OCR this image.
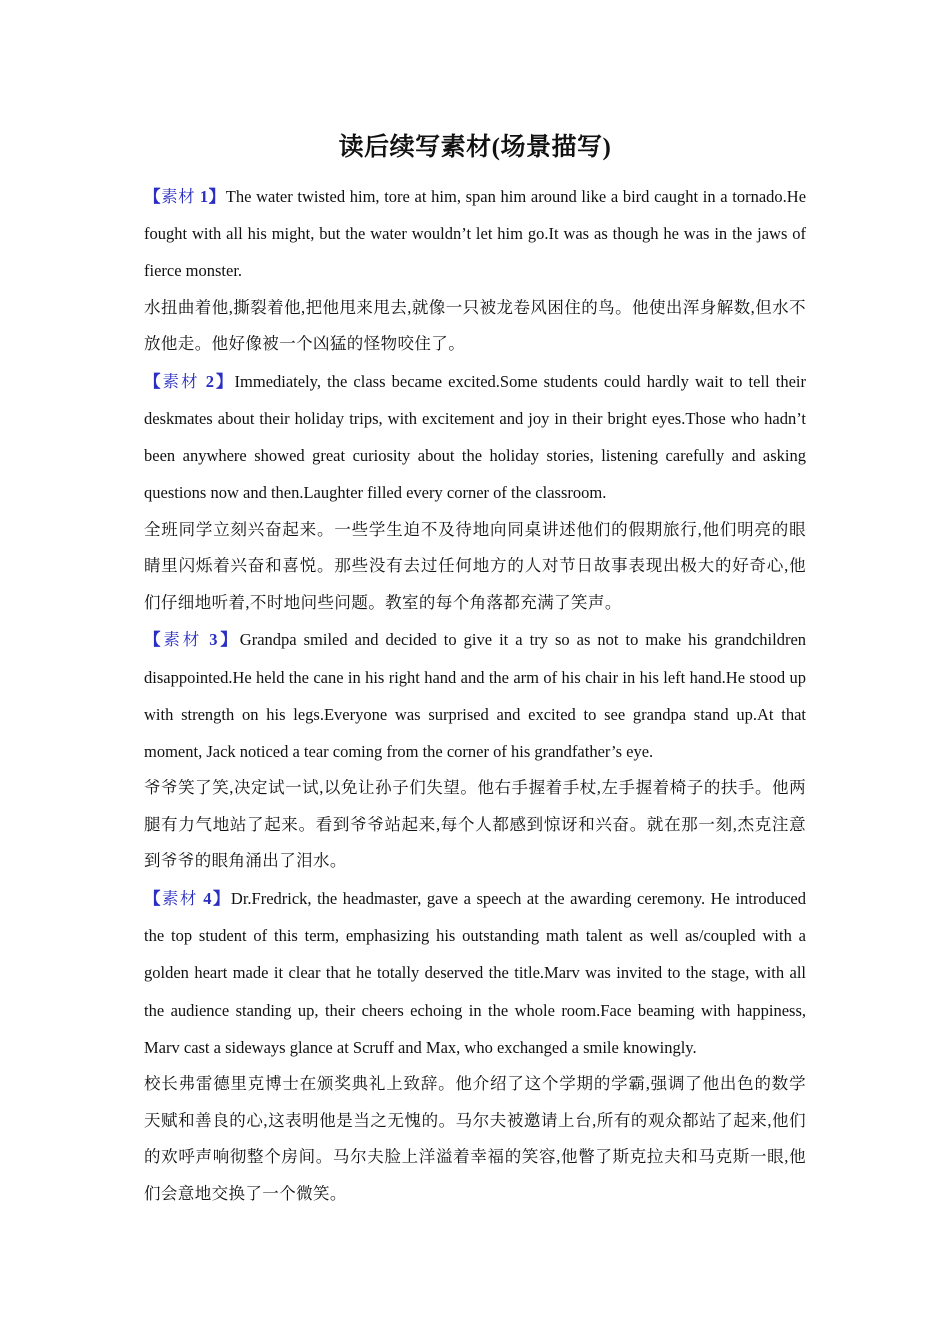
读后续写素材(场景描写)

【素材 1】The water twisted him, tore at him, span him around like a bird caught in a tornado.He fought with all his might, but the water wouldn’t let him go.It was as though he was in the jaws of fierce monster.

水扭曲着他,撕裂着他,把他甩来甩去,就像一只被龙卷风困住的鸟。他使出浑身解数,但水不放他走。他好像被一个凶猛的怪物咬住了。

【素材 2】Immediately, the class became excited.Some students could hardly wait to tell their deskmates about their holiday trips, with excitement and joy in their bright eyes.Those who hadn’t been anywhere showed great curiosity about the holiday stories, listening carefully and asking questions now and then.Laughter filled every corner of the classroom.

全班同学立刻兴奋起来。一些学生迫不及待地向同桌讲述他们的假期旅行,他们明亮的眼睛里闪烁着兴奋和喜悦。那些没有去过任何地方的人对节日故事表现出极大的好奇心,他们仔细地听着,不时地问些问题。教室的每个角落都充满了笑声。

【素材 3】Grandpa smiled and decided to give it a try so as not to make his grandchildren disappointed.He held the cane in his right hand and the arm of his chair in his left hand.He stood up with strength on his legs.Everyone was surprised and excited to see grandpa stand up.At that moment, Jack noticed a tear coming from the corner of his grandfather’s eye.

爷爷笑了笑,决定试一试,以免让孙子们失望。他右手握着手杖,左手握着椅子的扶手。他两腿有力气地站了起来。看到爷爷站起来,每个人都感到惊讶和兴奋。就在那一刻,杰克注意到爷爷的眼角涌出了泪水。

【素材 4】Dr.Fredrick, the headmaster, gave a speech at the awarding ceremony. He introduced the top student of this term, emphasizing his outstanding math talent as well as/coupled with a golden heart made it clear that he totally deserved the title.Marv was invited to the stage, with all the audience standing up, their cheers echoing in the whole room.Face beaming with happiness, Marv cast a sideways glance at Scruff and Max, who exchanged a smile knowingly.

校长弗雷德里克博士在颁奖典礼上致辞。他介绍了这个学期的学霸,强调了他出色的数学天赋和善良的心,这表明他是当之无愧的。马尔夫被邀请上台,所有的观众都站了起来,他们的欢呼声响彻整个房间。马尔夫脸上洋溢着幸福的笑容,他瞥了斯克拉夫和马克斯一眼,他们会意地交换了一个微笑。
